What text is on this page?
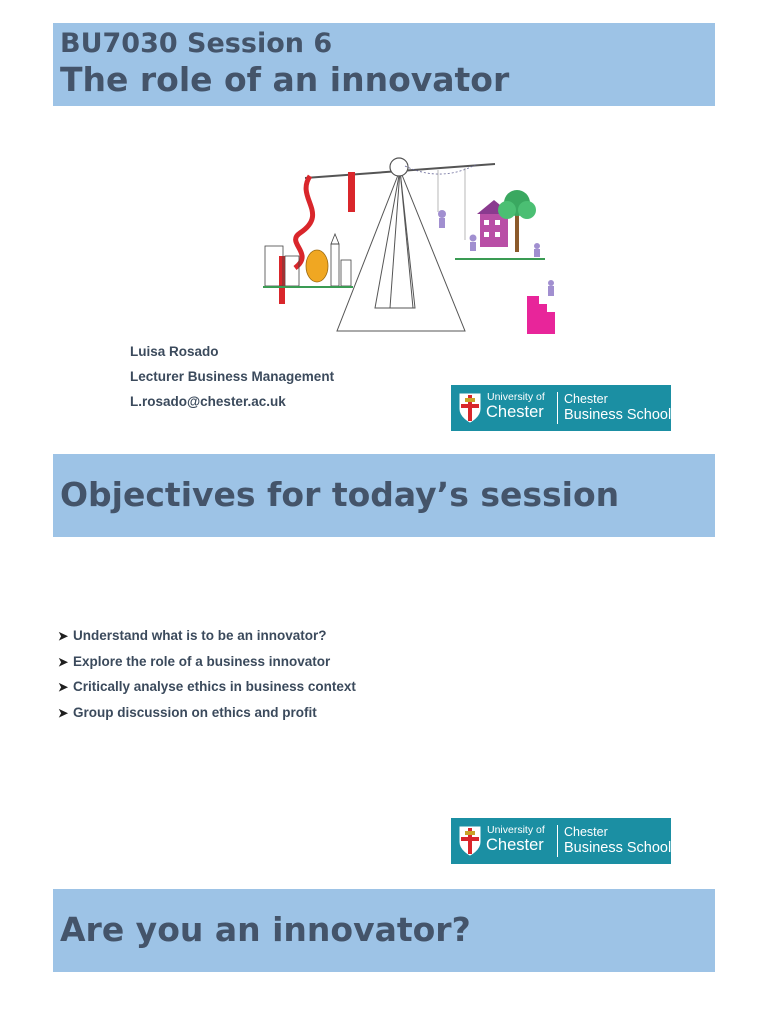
BU7030 Session 6
The role of an innovator
Luisa Rosado
Lecturer Business Management
L.rosado@chester.ac.uk	University of
Chester
Chester
Business School
Objectives for today’s session
➤ Understand what is to be an innovator?
➤ Explore the role of a business innovator
➤ Critically analyse ethics in business context
➤ Group discussion on ethics and profit
University of
Chester
Chester
Business School
Are you an innovator?
